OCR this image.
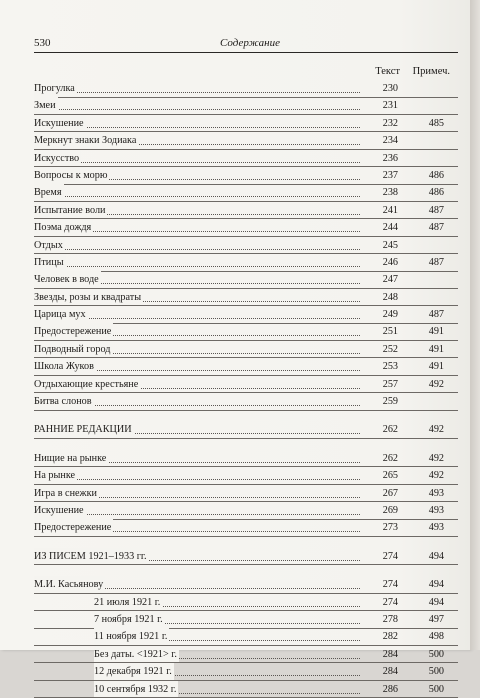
530	Содержание
Текст	Примеч.
Прогулка	230
Змеи	231
Искушение	232	485
Меркнут знаки Зодиака	234
Искусство	236
Вопросы к морю	237	486
Время	238	486
Испытание воли	241	487
Поэма дождя	244	487
Отдых	245
Птицы	246	487
Человек в воде	247
Звезды, розы и квадраты	248
Царица мух	249	487
Предостережение	251	491
Подводный город	252	491
Школа Жуков	253	491
Отдыхающие крестьяне	257	492
Битва слонов	259
РАННИЕ РЕДАКЦИИ	262	492
Нищие на рынке	262	492
На рынке	265	492
Игра в снежки	267	493
Искушение	269	493
Предостережение	273	493
ИЗ ПИСЕМ 1921–1933 гг.	274	494
М.И. Касьянову	274	494
21 июля 1921 г.	274	494
7 ноября 1921 г.	278	497
11 ноября 1921 г.	282	498
Без даты. <1921> г.	284	500
12 декабря 1921 г.	284	500
10 сентября 1932 г.	286	500
